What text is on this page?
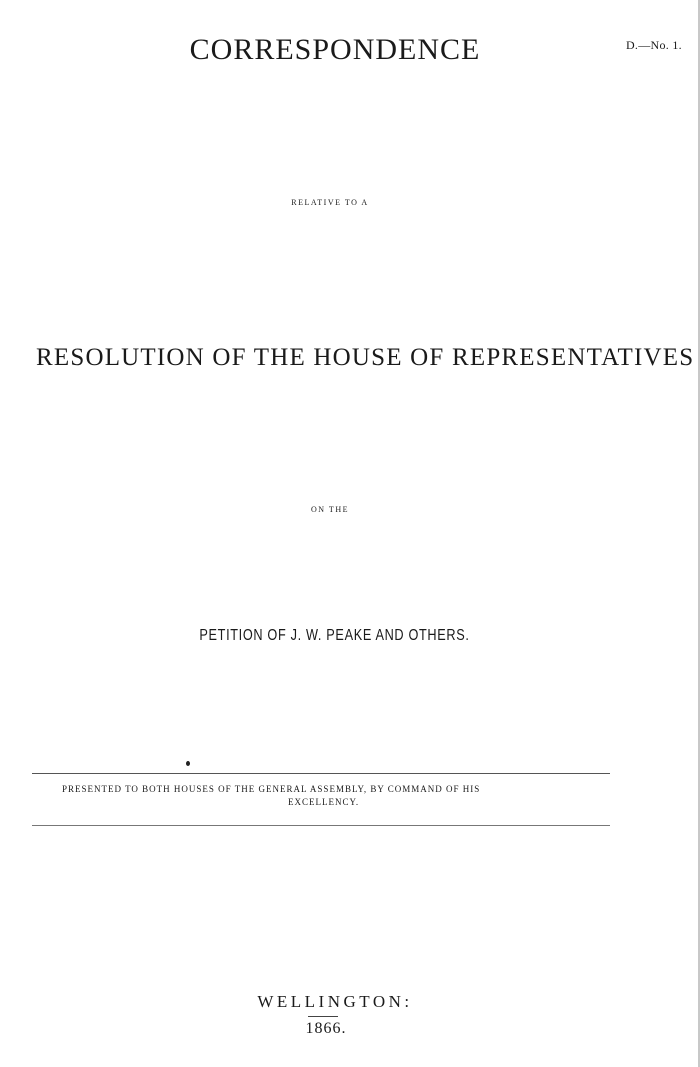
D.—No. 1.
CORRESPONDENCE
RELATIVE TO A
RESOLUTION OF THE HOUSE OF REPRESENTATIVES
ON THE
PETITION OF J. W. PEAKE AND OTHERS.
PRESENTED TO BOTH HOUSES OF THE GENERAL ASSEMBLY, BY COMMAND OF HIS
EXCELLENCY.
WELLINGTON:
1866.
